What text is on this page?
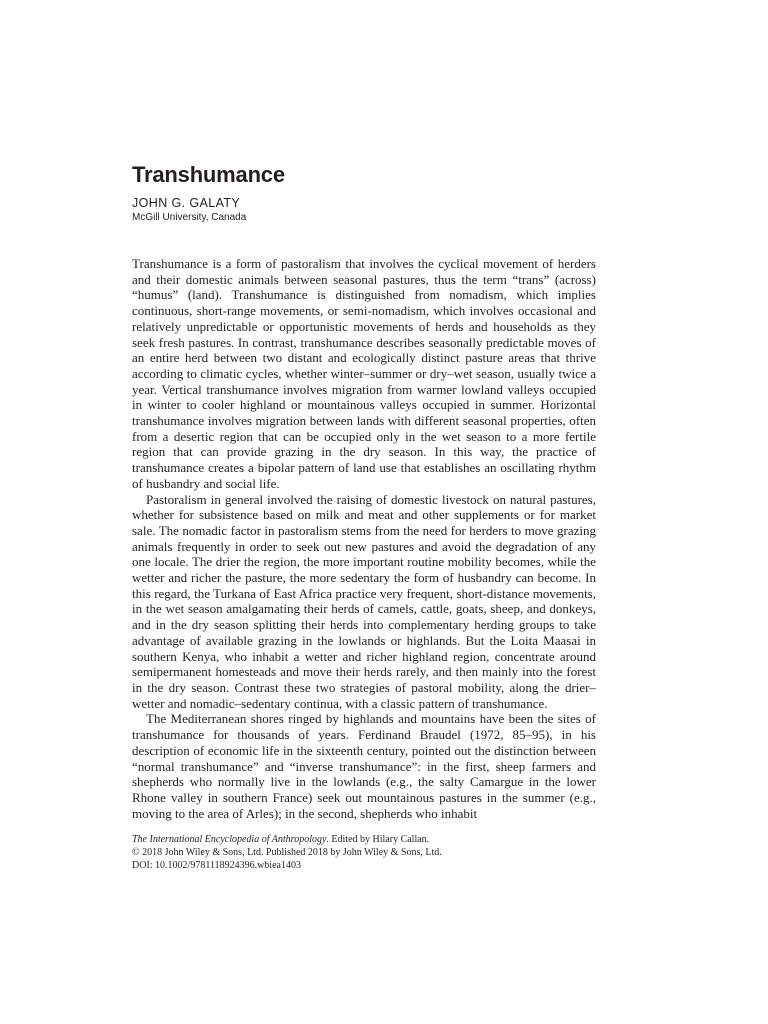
Transhumance
JOHN G. GALATY
McGill University, Canada

Transhumance is a form of pastoralism that involves the cyclical movement of herders and their domestic animals between seasonal pastures, thus the term “trans” (across) “humus” (land). Transhumance is distinguished from nomadism, which implies continuous, short-range movements, or semi-nomadism, which involves occasional and relatively unpredictable or opportunistic movements of herds and households as they seek fresh pastures. In contrast, transhumance describes seasonally predictable moves of an entire herd between two distant and ecologically distinct pasture areas that thrive according to climatic cycles, whether winter–summer or dry–wet season, usually twice a year. Vertical transhumance involves migration from warmer lowland valleys occupied in winter to cooler highland or mountainous valleys occupied in summer. Horizontal transhumance involves migration between lands with different seasonal properties, often from a desertic region that can be occupied only in the wet season to a more fertile region that can provide grazing in the dry season. In this way, the practice of transhumance creates a bipolar pattern of land use that establishes an oscillating rhythm of husbandry and social life.

Pastoralism in general involved the raising of domestic livestock on natural pastures, whether for subsistence based on milk and meat and other supplements or for market sale. The nomadic factor in pastoralism stems from the need for herders to move grazing animals frequently in order to seek out new pastures and avoid the degradation of any one locale. The drier the region, the more important routine mobility becomes, while the wetter and richer the pasture, the more sedentary the form of husbandry can become. In this regard, the Turkana of East Africa practice very frequent, short-distance movements, in the wet season amalgamating their herds of camels, cattle, goats, sheep, and donkeys, and in the dry season splitting their herds into complementary herding groups to take advantage of available grazing in the lowlands or highlands. But the Loita Maasai in southern Kenya, who inhabit a wetter and richer highland region, concentrate around semipermanent homesteads and move their herds rarely, and then mainly into the forest in the dry season. Contrast these two strategies of pastoral mobility, along the drier–wetter and nomadic–sedentary continua, with a classic pattern of transhumance.

The Mediterranean shores ringed by highlands and mountains have been the sites of transhumance for thousands of years. Ferdinand Braudel (1972, 85–95), in his description of economic life in the sixteenth century, pointed out the distinction between “normal transhumance” and “inverse transhumance”: in the first, sheep farmers and shepherds who normally live in the lowlands (e.g., the salty Camargue in the lower Rhone valley in southern France) seek out mountainous pastures in the summer (e.g., moving to the area of Arles); in the second, shepherds who inhabit

The International Encyclopedia of Anthropology. Edited by Hilary Callan.
© 2018 John Wiley & Sons, Ltd. Published 2018 by John Wiley & Sons, Ltd.
DOI: 10.1002/9781118924396.wbiea1403
